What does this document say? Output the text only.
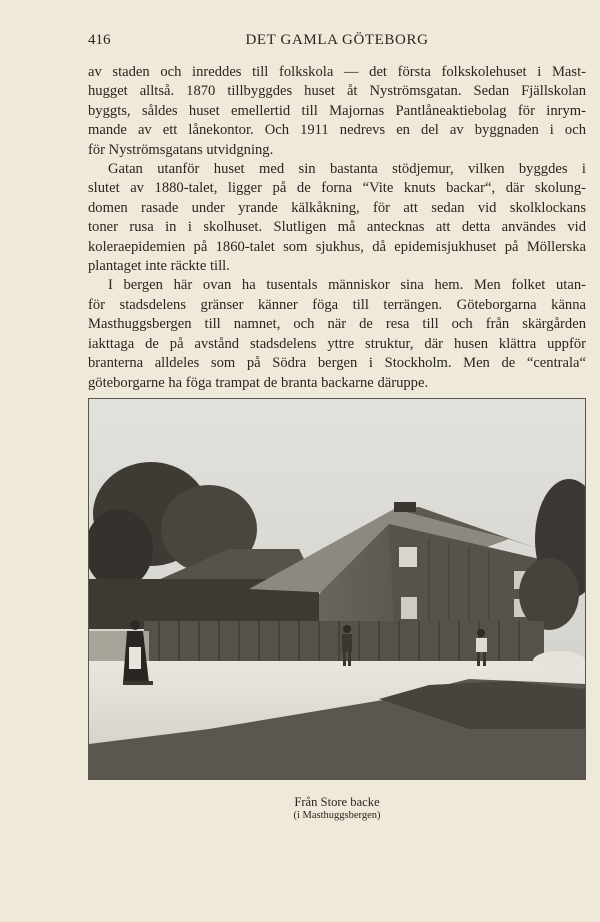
416	DET GAMLA GÖTEBORG

av staden och inreddes till folkskola — det första folkskolehuset i Mast-
hugget alltså. 1870 tillbyggdes huset åt Nyströmsgatan. Sedan Fjällskolan
byggts, såldes huset emellertid till Majornas Pantlåneaktiebolag för inrym-
mande av ett lånekontor. Och 1911 nedrevs en del av byggnaden i och
för Nyströmsgatans utvidgning.

Gatan utanför huset med sin bastanta stödjemur, vilken byggdes i
slutet av 1880-talet, ligger på de forna “Vite knuts backar“, där skolung-
domen rasade under yrande kälkåkning, för att sedan vid skolklockans
toner rusa in i skolhuset. Slutligen må antecknas att detta användes vid
koleraepidemien på 1860-talet som sjukhus, då epidemisjukhuset på Möllerska
plantaget inte räckte till.

I bergen här ovan ha tusentals människor sina hem. Men folket utan-
för stadsdelens gränser känner föga till terrängen. Göteborgarna känna
Masthuggsbergen till namnet, och när de resa till och från skärgården
iakttaga de på avstånd stadsdelens yttre struktur, där husen klättra uppför
branterna alldeles som på Södra bergen i Stockholm. Men de “centrala“
göteborgarne ha föga trampat de branta backarne däruppe.

Från Store backe
(i Masthuggsbergen)
